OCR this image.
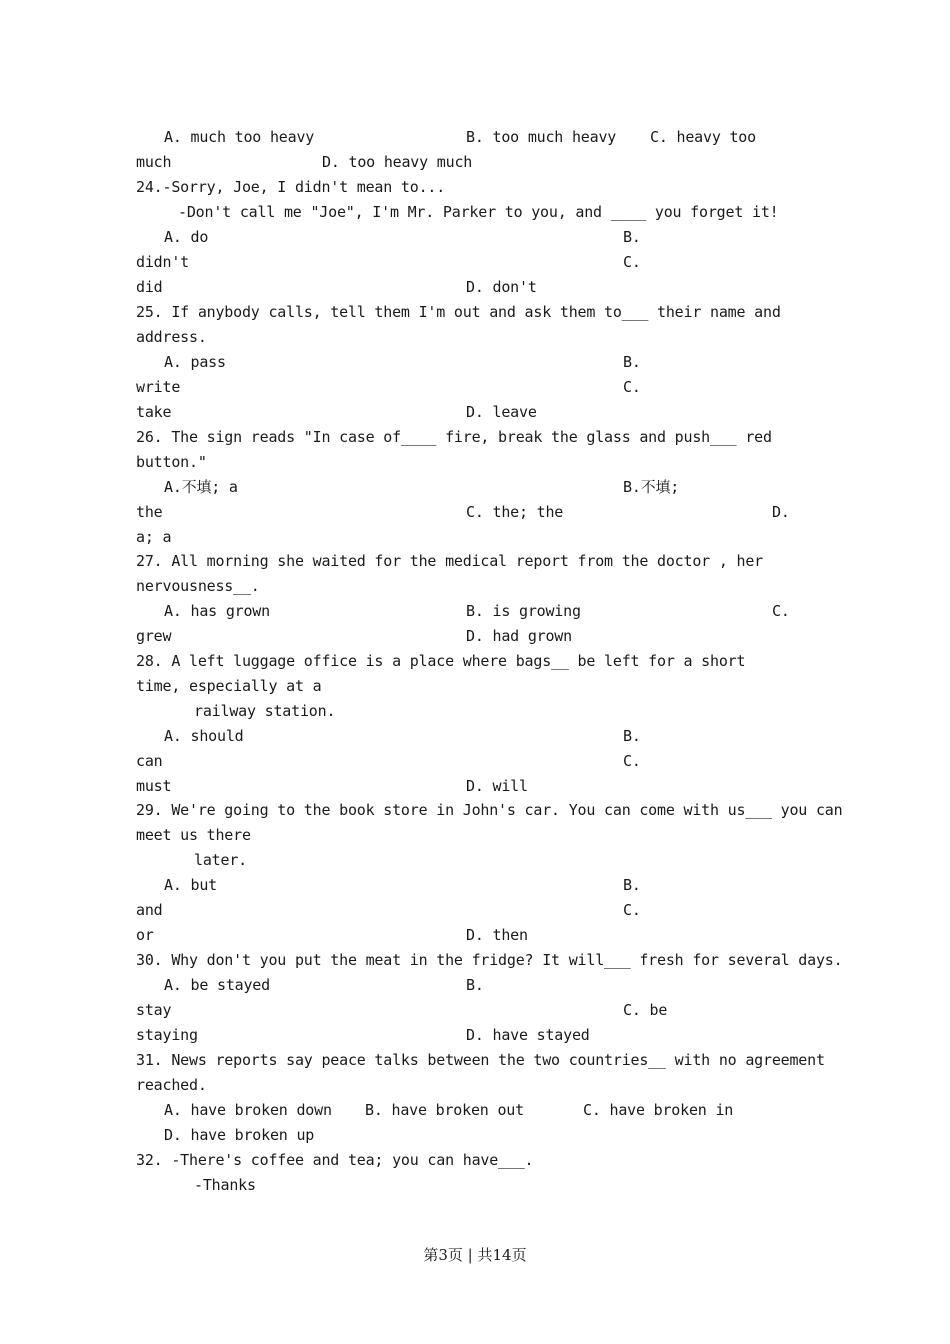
A. much too heavy	B. too much heavy C. heavy too
much	D. too heavy much
24.-Sorry, Joe, I didn't mean to...
-Don't call me "Joe", I'm Mr. Parker to you, and ____ you forget it!
A. do	B.
didn't	C.
did	D. don't
25. If anybody calls, tell them I'm out and ask them to___ their name and
address.
A. pass	B.
write	C.
take	D. leave
26. The sign reads "In case of____ fire, break the glass and push___ red
button."
A.不填; a	B.不填;
the	C. the; the	D.
a; a
27. All morning she waited for the medical report from the doctor , her
nervousness__.
A. has grown	B. is growing	C.
grew	D. had grown
28. A left luggage office is a place where bags__ be left for a short
time, especially at a
railway station.
A. should	B.
can	C.
must	D. will
29. We're going to the book store in John's car. You can come with us___ you can
meet us there
later.
A. but	B.
and	C.
or	D. then
30. Why don't you put the meat in the fridge? It will___ fresh for several days.
A. be stayed	B.
stay	C. be
staying	D. have stayed
31. News reports say peace talks between the two countries__ with no agreement
reached.
A. have broken down B. have broken out	C. have broken in
D. have broken up
32. -There's coffee and tea; you can have___.
-Thanks
第3页 | 共14页
